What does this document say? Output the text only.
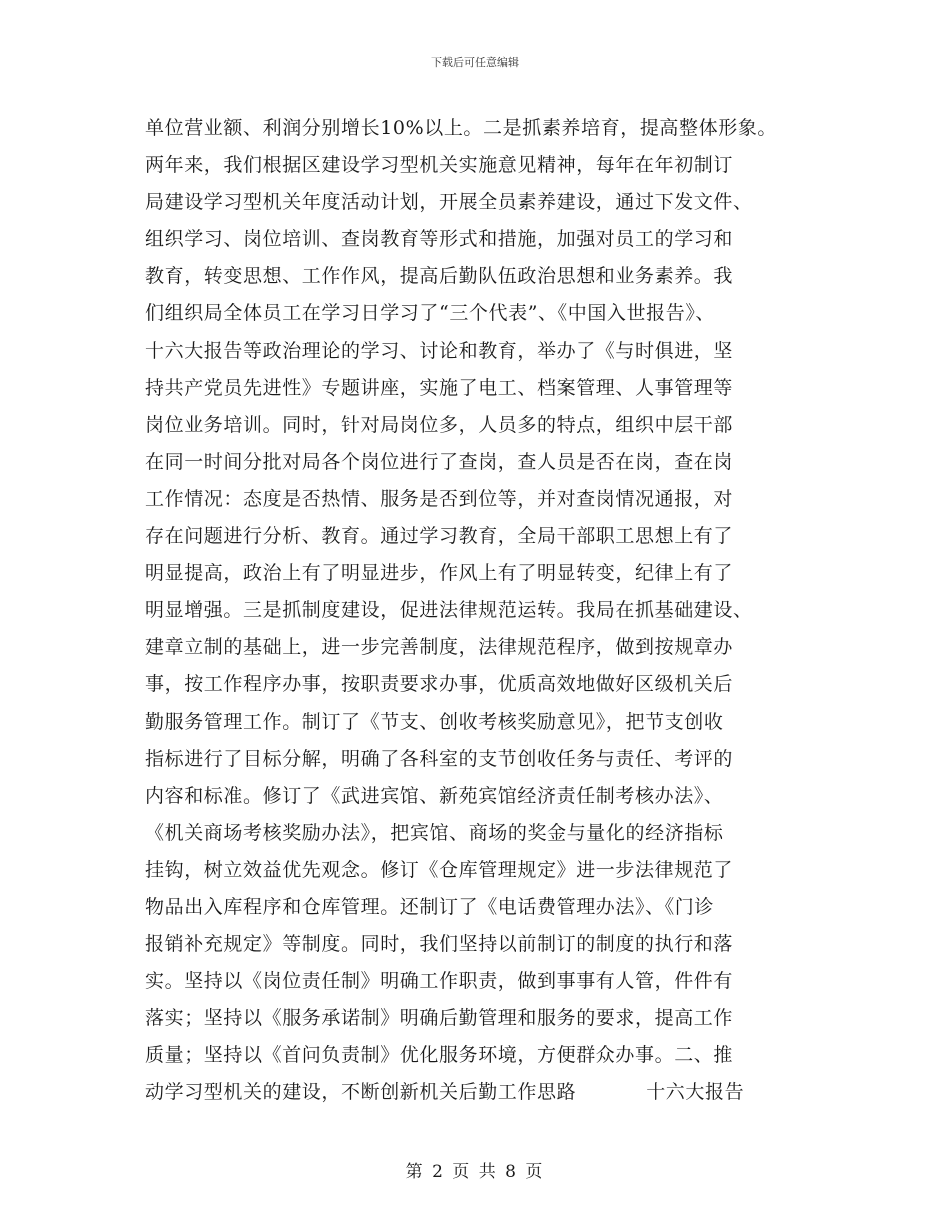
下载后可任意编辑
单位营业额、利润分别增长10%以上。二是抓素养培育，提高整体形象。
两年来，我们根据区建设学习型机关实施意见精神，每年在年初制订
局建设学习型机关年度活动计划，开展全员素养建设，通过下发文件、
组织学习、岗位培训、查岗教育等形式和措施，加强对员工的学习和
教育，转变思想、工作作风，提高后勤队伍政治思想和业务素养。我
们组织局全体员工在学习日学习了“三个代表”、《中国入世报告》、
十六大报告等政治理论的学习、讨论和教育，举办了《与时俱进，坚
持共产党员先进性》专题讲座，实施了电工、档案管理、人事管理等
岗位业务培训。同时，针对局岗位多，人员多的特点，组织中层干部
在同一时间分批对局各个岗位进行了查岗，查人员是否在岗，查在岗
工作情况：态度是否热情、服务是否到位等，并对查岗情况通报，对
存在问题进行分析、教育。通过学习教育，全局干部职工思想上有了
明显提高，政治上有了明显进步，作风上有了明显转变，纪律上有了
明显增强。三是抓制度建设，促进法律规范运转。我局在抓基础建设、
建章立制的基础上，进一步完善制度，法律规范程序，做到按规章办
事，按工作程序办事，按职责要求办事，优质高效地做好区级机关后
勤服务管理工作。制订了《节支、创收考核奖励意见》，把节支创收
指标进行了目标分解，明确了各科室的支节创收任务与责任、考评的
内容和标准。修订了《武进宾馆、新苑宾馆经济责任制考核办法》、
《机关商场考核奖励办法》，把宾馆、商场的奖金与量化的经济指标
挂钩，树立效益优先观念。修订《仓库管理规定》进一步法律规范了
物品出入库程序和仓库管理。还制订了《电话费管理办法》、《门诊
报销补充规定》等制度。同时，我们坚持以前制订的制度的执行和落
实。坚持以《岗位责任制》明确工作职责，做到事事有人管，件件有
落实；坚持以《服务承诺制》明确后勤管理和服务的要求，提高工作
质量；坚持以《首问负责制》优化服务环境，方便群众办事。二、推
动学习型机关的建设，不断创新机关后勤工作思路	十六大报告
第 2 页 共 8 页
